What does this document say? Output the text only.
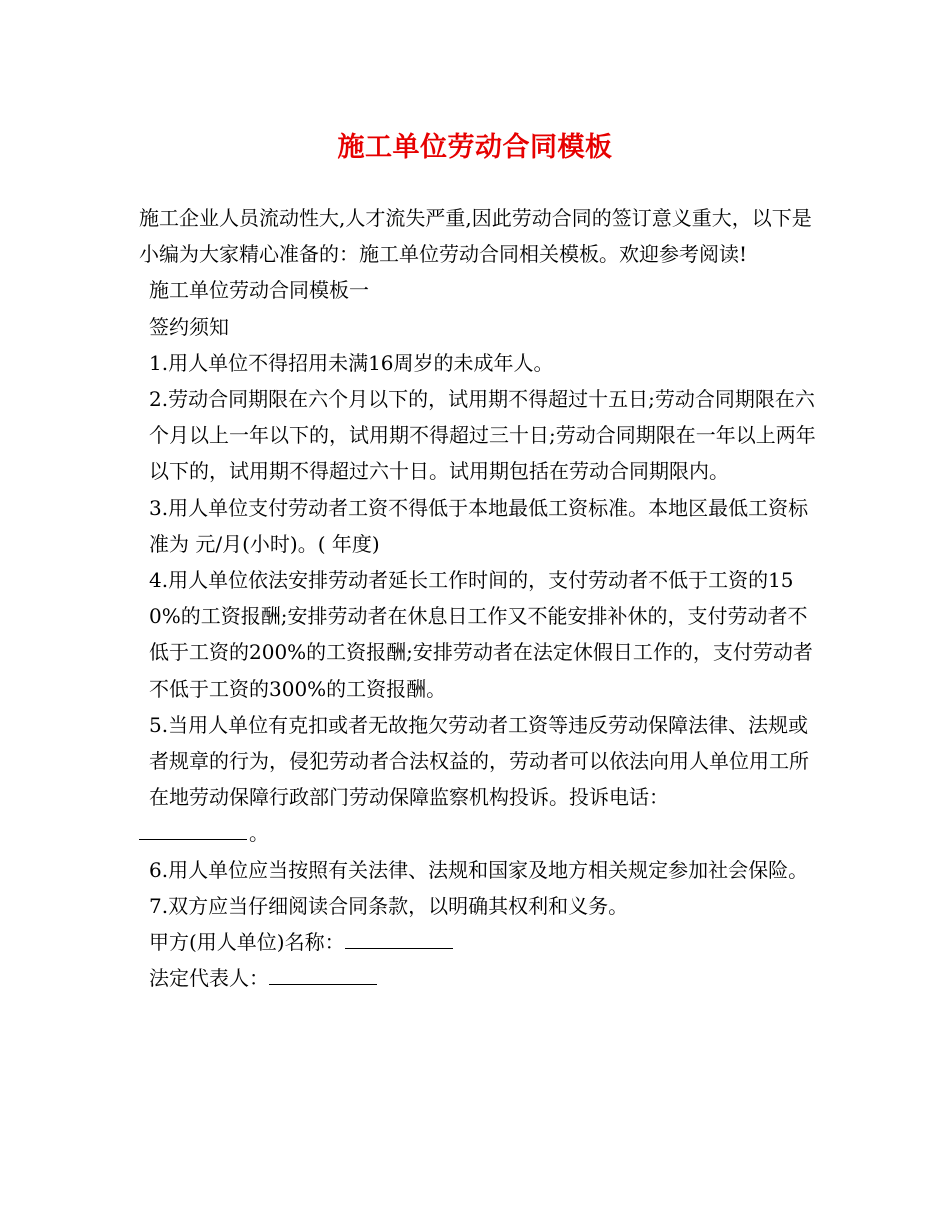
施工单位劳动合同模板

施工企业人员流动性大,人才流失严重,因此劳动合同的签订意义重大，以下是小编为大家精心准备的：施工单位劳动合同相关模板。欢迎参考阅读!

施工单位劳动合同模板一

签约须知

1.用人单位不得招用未满16周岁的未成年人。

2.劳动合同期限在六个月以下的，试用期不得超过十五日;劳动合同期限在六个月以上一年以下的，试用期不得超过三十日;劳动合同期限在一年以上两年以下的，试用期不得超过六十日。试用期包括在劳动合同期限内。

3.用人单位支付劳动者工资不得低于本地最低工资标准。本地区最低工资标准为 元/月(小时)。( 年度)

4.用人单位依法安排劳动者延长工作时间的，支付劳动者不低于工资的150%的工资报酬;安排劳动者在休息日工作又不能安排补休的，支付劳动者不低于工资的200%的工资报酬;安排劳动者在法定休假日工作的，支付劳动者不低于工资的300%的工资报酬。

5.当用人单位有克扣或者无故拖欠劳动者工资等违反劳动保障法律、法规或者规章的行为，侵犯劳动者合法权益的，劳动者可以依法向用人单位用工所在地劳动保障行政部门劳动保障监察机构投诉。投诉电话：

。

6.用人单位应当按照有关法律、法规和国家及地方相关规定参加社会保险。

7.双方应当仔细阅读合同条款，以明确其权利和义务。

甲方(用人单位)名称：

法定代表人：
